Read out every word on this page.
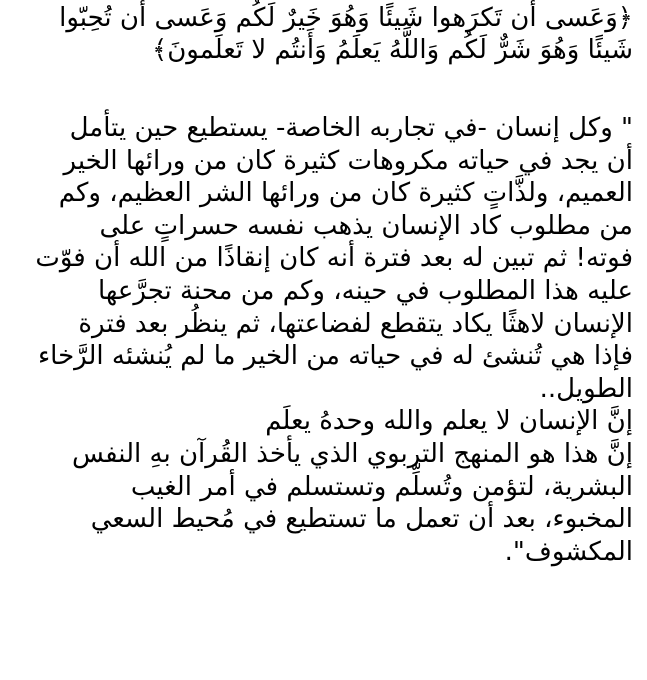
﴿وَعَسى أَن تَكرَهوا شَيئًا وَهُوَ خَيرٌ لَكُم وَعَسى أَن تُحِبّوا
شَيئًا وَهُوَ شَرٌّ لَكُم وَاللَّهُ يَعلَمُ وَأَنتُم لا تَعلَمونَ﴾
" وكل إنسان -في تجاربه الخاصة- يستطيع حين يتأمل
أن يجد في حياته مكروهات كثيرة كان من ورائها الخير
العميم، ولذَّاتٍ كثيرة كان من ورائها الشر العظيم، وكم
من مطلوب كاد الإنسان يذهب نفسه حسراتٍ على
فوته! ثم تبين له بعد فترة أنه كان إنقاذًا من الله أن فوّت
عليه هذا المطلوب في حينه، وكم من محنة تجرَّعها
الإنسان لاهثًا يكاد يتقطع لفضاعتها، ثم ينظُر بعد فترة
فإذا هي تُنشئ له في حياته من الخير ما لم يُنشئه الرَّخاء
الطويل..
إنَّ الإنسان لا يعلم والله وحدهُ يعلَم
إنَّ هذا هو المنهج التربوي الذي يأخذ القُرآن بهِ النفس
البشرية، لتؤمن وتُسلِّم وتستسلم في أمر الغيب
المخبوء، بعد أن تعمل ما تستطيع في مُحيط السعي
المكشوف".
